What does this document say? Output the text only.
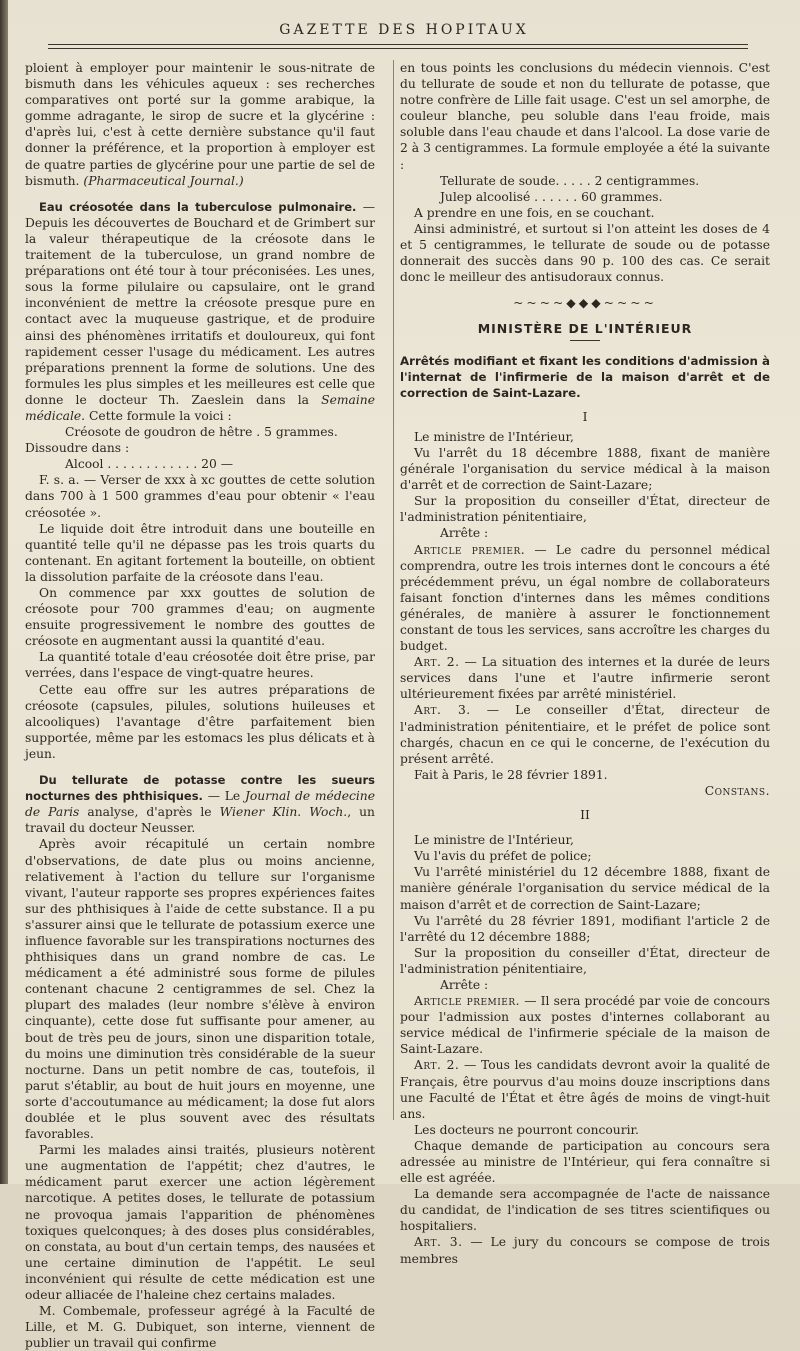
GAZETTE DES HOPITAUX

ploient à employer pour maintenir le sous-nitrate de bismuth dans les véhicules aqueux : ses recherches comparatives ont porté sur la gomme arabique, la gomme adragante, le sirop de sucre et la glycérine : d'après lui, c'est à cette dernière substance qu'il faut donner la préférence, et la proportion à employer est de quatre parties de glycérine pour une partie de sel de bismuth. (Pharmaceutical Journal.)

Eau créosotée dans la tuberculose pulmonaire. — Depuis les découvertes de Bouchard et de Grimbert sur la valeur thérapeutique de la créosote dans le traitement de la tuberculose, un grand nombre de préparations ont été tour à tour préconisées. Les unes, sous la forme pilulaire ou capsulaire, ont le grand inconvénient de mettre la créosote presque pure en contact avec la muqueuse gastrique, et de produire ainsi des phénomènes irritatifs et douloureux, qui font rapidement cesser l'usage du médicament. Les autres préparations prennent la forme de solutions. Une des formules les plus simples et les meilleures est celle que donne le docteur Th. Zaeslein dans la Semaine médicale. Cette formule la voici :

Créosote de goudron de hêtre . 5 grammes.

Dissoudre dans :

Alcool . . . . . . . . . . . . 20 —

F. s. a. — Verser de xxx à xc gouttes de cette solution dans 700 à 1 500 grammes d'eau pour obtenir « l'eau créosotée ».

Le liquide doit être introduit dans une bouteille en quantité telle qu'il ne dépasse pas les trois quarts du contenant. En agitant fortement la bouteille, on obtient la dissolution parfaite de la créosote dans l'eau.

On commence par xxx gouttes de solution de créosote pour 700 grammes d'eau; on augmente ensuite progressivement le nombre des gouttes de créosote en augmentant aussi la quantité d'eau.

La quantité totale d'eau créosotée doit être prise, par verrées, dans l'espace de vingt-quatre heures.

Cette eau offre sur les autres préparations de créosote (capsules, pilules, solutions huileuses et alcooliques) l'avantage d'être parfaitement bien supportée, même par les estomacs les plus délicats et à jeun.

Du tellurate de potasse contre les sueurs nocturnes des phthisiques. — Le Journal de médecine de Paris analyse, d'après le Wiener Klin. Woch., un travail du docteur Neusser.

Après avoir récapitulé un certain nombre d'observations, de date plus ou moins ancienne, relativement à l'action du tellure sur l'organisme vivant, l'auteur rapporte ses propres expériences faites sur des phthisiques à l'aide de cette substance. Il a pu s'assurer ainsi que le tellurate de potassium exerce une influence favorable sur les transpirations nocturnes des phthisiques dans un grand nombre de cas. Le médicament a été administré sous forme de pilules contenant chacune 2 centigrammes de sel. Chez la plupart des malades (leur nombre s'élève à environ cinquante), cette dose fut suffisante pour amener, au bout de très peu de jours, sinon une disparition totale, du moins une diminution très considérable de la sueur nocturne. Dans un petit nombre de cas, toutefois, il parut s'établir, au bout de huit jours en moyenne, une sorte d'accoutumance au médicament; la dose fut alors doublée et le plus souvent avec des résultats favorables.

Parmi les malades ainsi traités, plusieurs notèrent une augmentation de l'appétit; chez d'autres, le médicament parut exercer une action légèrement narcotique. A petites doses, le tellurate de potassium ne provoqua jamais l'apparition de phénomènes toxiques quelconques; à des doses plus considérables, on constata, au bout d'un certain temps, des nausées et une certaine diminution de l'appétit. Le seul inconvénient qui résulte de cette médication est une odeur alliacée de l'haleine chez certains malades.

M. Combemale, professeur agrégé à la Faculté de Lille, et M. G. Dubiquet, son interne, viennent de publier un travail qui confirme

en tous points les conclusions du médecin viennois. C'est du tellurate de soude et non du tellurate de potasse, que notre confrère de Lille fait usage. C'est un sel amorphe, de couleur blanche, peu soluble dans l'eau froide, mais soluble dans l'eau chaude et dans l'alcool. La dose varie de 2 à 3 centigrammes. La formule employée a été la suivante :

Tellurate de soude. . . . . 2 centigrammes.

Julep alcoolisé . . . . . . 60 grammes.

A prendre en une fois, en se couchant.

Ainsi administré, et surtout si l'on atteint les doses de 4 et 5 centigrammes, le tellurate de soude ou de potasse donnerait des succès dans 90 p. 100 des cas. Ce serait donc le meilleur des antisudoraux connus.

~~~~◆◆◆~~~~

MINISTÈRE DE L'INTÉRIEUR

Arrêtés modifiant et fixant les conditions d'admission à l'internat de l'infirmerie de la maison d'arrêt et de correction de Saint-Lazare.

I

Le ministre de l'Intérieur,

Vu l'arrêt du 18 décembre 1888, fixant de manière générale l'organisation du service médical à la maison d'arrêt et de correction de Saint-Lazare;

Sur la proposition du conseiller d'État, directeur de l'administration pénitentiaire,

Arrête :

Article premier. — Le cadre du personnel médical comprendra, outre les trois internes dont le concours a été précédemment prévu, un égal nombre de collaborateurs faisant fonction d'internes dans les mêmes conditions générales, de manière à assurer le fonctionnement constant de tous les services, sans accroître les charges du budget.

Art. 2. — La situation des internes et la durée de leurs services dans l'une et l'autre infirmerie seront ultérieurement fixées par arrêté ministériel.

Art. 3. — Le conseiller d'État, directeur de l'administration pénitentiaire, et le préfet de police sont chargés, chacun en ce qui le concerne, de l'exécution du présent arrêté.

Fait à Paris, le 28 février 1891.

Constans.

II

Le ministre de l'Intérieur,

Vu l'avis du préfet de police;

Vu l'arrêté ministériel du 12 décembre 1888, fixant de manière générale l'organisation du service médical de la maison d'arrêt et de correction de Saint-Lazare;

Vu l'arrêté du 28 février 1891, modifiant l'article 2 de l'arrêté du 12 décembre 1888;

Sur la proposition du conseiller d'État, directeur de l'administration pénitentiaire,

Arrête :

Article premier. — Il sera procédé par voie de concours pour l'admission aux postes d'internes collaborant au service médical de l'infirmerie spéciale de la maison de Saint-Lazare.

Art. 2. — Tous les candidats devront avoir la qualité de Français, être pourvus d'au moins douze inscriptions dans une Faculté de l'État et être âgés de moins de vingt-huit ans.

Les docteurs ne pourront concourir.

Chaque demande de participation au concours sera adressée au ministre de l'Intérieur, qui fera connaître si elle est agréée.

La demande sera accompagnée de l'acte de naissance du candidat, de l'indication de ses titres scientifiques ou hospitaliers.

Art. 3. — Le jury du concours se compose de trois membres
